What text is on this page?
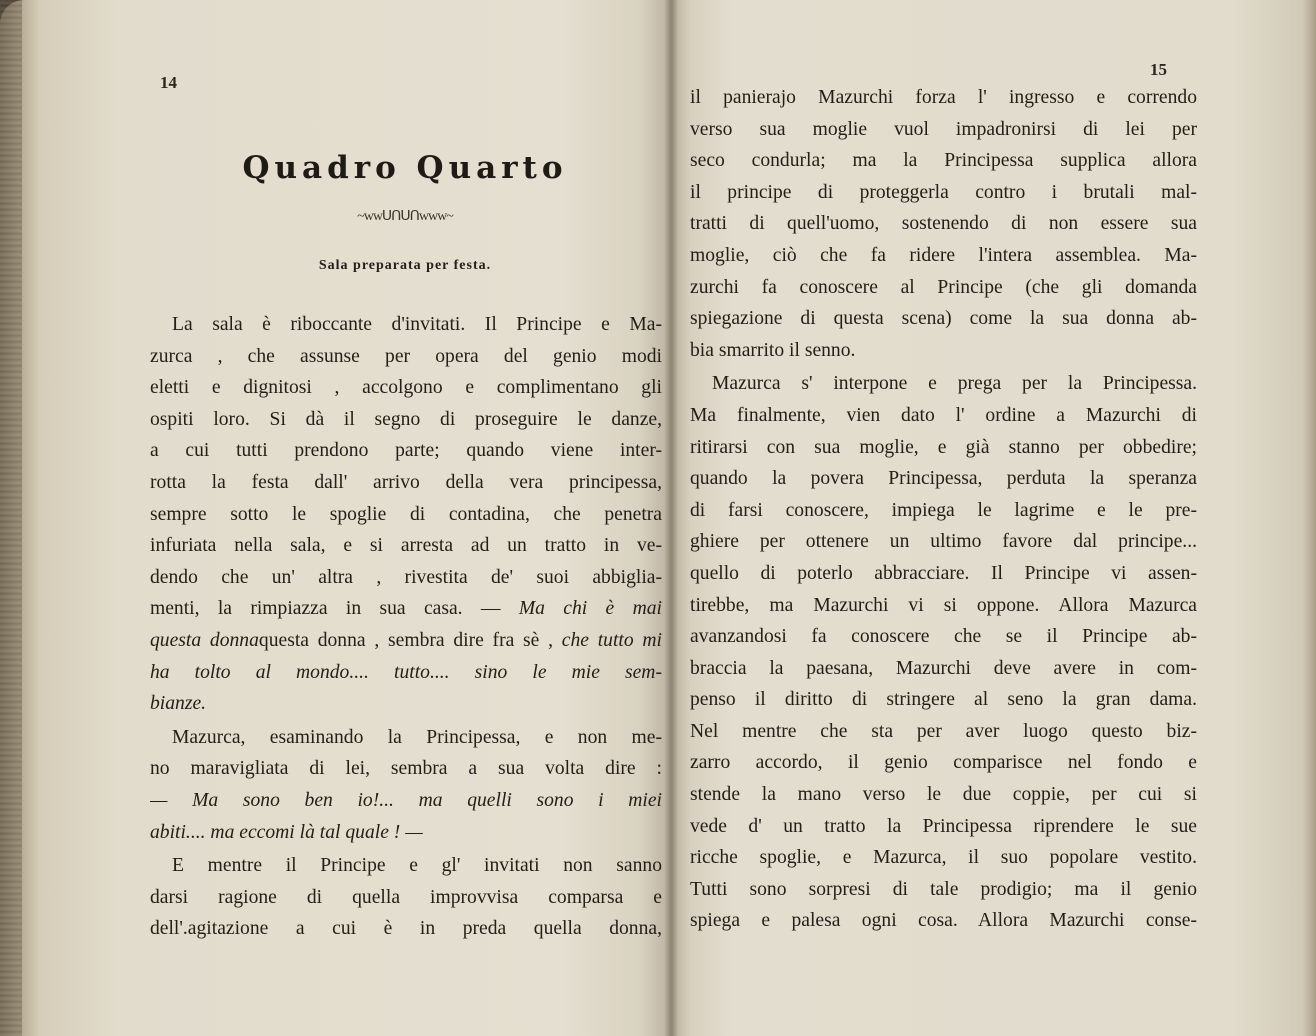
14
Quadro Quarto
~wwᑌᑎᑌᑎwww~
Sala preparata per festa.
La sala è riboccante d'invitati. Il Principe e Ma-
zurca , che assunse per opera del genio modi
eletti e dignitosi , accolgono e complimentano gli
ospiti loro. Si dà il segno di proseguire le danze,
a cui tutti prendono parte; quando viene inter-
rotta la festa dall' arrivo della vera principessa,
sempre sotto le spoglie di contadina, che penetra
infuriata nella sala, e si arresta ad un tratto in ve-
dendo che un' altra , rivestita de' suoi abbiglia-
menti, la rimpiazza in sua casa. — Ma chi è mai
questa donnaquesta donna , sembra dire fra sè , che tutto mi
ha tolto al mondo.... tutto.... sino le mie sem-
bianze.
Mazurca, esaminando la Principessa, e non me-
no maravigliata di lei, sembra a sua volta dire :
— Ma sono ben io!... ma quelli sono i miei
abiti.... ma eccomi là tal quale ! —
E mentre il Principe e gl' invitati non sanno
darsi ragione di quella improvvisa comparsa e
dell'.agitazione a cui è in preda quella donna,
15
il panierajo Mazurchi forza l' ingresso e correndo
verso sua moglie vuol impadronirsi di lei per
seco condurla; ma la Principessa supplica allora
il principe di proteggerla contro i brutali mal-
tratti di quell'uomo, sostenendo di non essere sua
moglie, ciò che fa ridere l'intera assemblea. Ma-
zurchi fa conoscere al Principe (che gli domanda
spiegazione di questa scena) come la sua donna ab-
bia smarrito il senno.
Mazurca s' interpone e prega per la Principessa.
Ma finalmente, vien dato l' ordine a Mazurchi di
ritirarsi con sua moglie, e già stanno per obbedire;
quando la povera Principessa, perduta la speranza
di farsi conoscere, impiega le lagrime e le pre-
ghiere per ottenere un ultimo favore dal principe...
quello di poterlo abbracciare. Il Principe vi assen-
tirebbe, ma Mazurchi vi si oppone. Allora Mazurca
avanzandosi fa conoscere che se il Principe ab-
braccia la paesana, Mazurchi deve avere in com-
penso il diritto di stringere al seno la gran dama.
Nel mentre che sta per aver luogo questo biz-
zarro accordo, il genio comparisce nel fondo e
stende la mano verso le due coppie, per cui si
vede d' un tratto la Principessa riprendere le sue
ricche spoglie, e Mazurca, il suo popolare vestito.
Tutti sono sorpresi di tale prodigio; ma il genio
spiega e palesa ogni cosa. Allora Mazurchi conse-
